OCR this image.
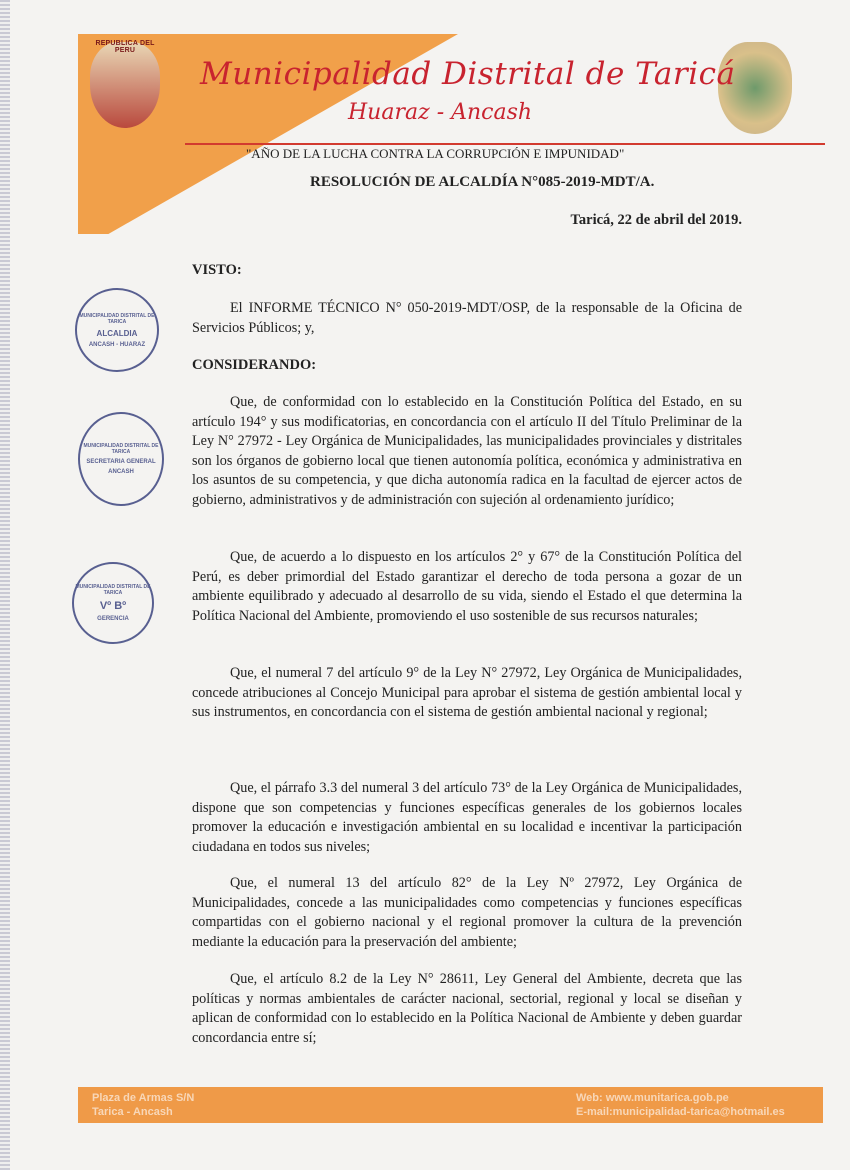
REPUBLICA DEL PERU
Municipalidad Distrital de Taricá
Huaraz - Ancash
"AÑO DE LA LUCHA CONTRA LA CORRUPCIÓN E IMPUNIDAD"
RESOLUCIÓN DE ALCALDÍA N°085-2019-MDT/A.
Taricá, 22 de abril del 2019.
VISTO:
El INFORME TÉCNICO N° 050-2019-MDT/OSP, de la responsable de la Oficina de Servicios Públicos; y,
CONSIDERANDO:
Que, de conformidad con lo establecido en la Constitución Política del Estado, en su artículo 194° y sus modificatorias, en concordancia con el artículo II del Título Preliminar de la Ley N° 27972 - Ley Orgánica de Municipalidades, las municipalidades provinciales y distritales son los órganos de gobierno local que tienen autonomía política, económica y administrativa en los asuntos de su competencia, y que dicha autonomía radica en la facultad de ejercer actos de gobierno, administrativos y de administración con sujeción al ordenamiento jurídico;
Que, de acuerdo a lo dispuesto en los artículos 2° y 67° de la Constitución Política del Perú, es deber primordial del Estado garantizar el derecho de toda persona a gozar de un ambiente equilibrado y adecuado al desarrollo de su vida, siendo el Estado el que determina la Política Nacional del Ambiente, promoviendo el uso sostenible de sus recursos naturales;
Que, el numeral 7 del artículo 9° de la Ley N° 27972, Ley Orgánica de Municipalidades, concede atribuciones al Concejo Municipal para aprobar el sistema de gestión ambiental local y sus instrumentos, en concordancia con el sistema de gestión ambiental nacional y regional;
Que, el párrafo 3.3 del numeral 3 del artículo 73° de la Ley Orgánica de Municipalidades, dispone que son competencias y funciones específicas generales de los gobiernos locales promover la educación e investigación ambiental en su localidad e incentivar la participación ciudadana en todos sus niveles;
Que, el numeral 13 del artículo 82° de la Ley Nº 27972, Ley Orgánica de Municipalidades, concede a las municipalidades como competencias y funciones específicas compartidas con el gobierno nacional y el regional promover la cultura de la prevención mediante la educación para la preservación del ambiente;
Que, el artículo 8.2 de la Ley N° 28611, Ley General del Ambiente, decreta que las políticas y normas ambientales de carácter nacional, sectorial, regional y local se diseñan y aplican de conformidad con lo establecido en la Política Nacional de Ambiente y deben guardar concordancia entre sí;
MUNICIPALIDAD DISTRITAL DE TARICA
ALCALDIA
ANCASH - HUARAZ
MUNICIPALIDAD DISTRITAL DE TARICA
SECRETARIA GENERAL
ANCASH
MUNICIPALIDAD DISTRITAL DE TARICA
Vº Bº
GERENCIA
Plaza de Armas S/N
Tarica - Ancash
Web: www.munitarica.gob.pe
E-mail:municipalidad-tarica@hotmail.es
